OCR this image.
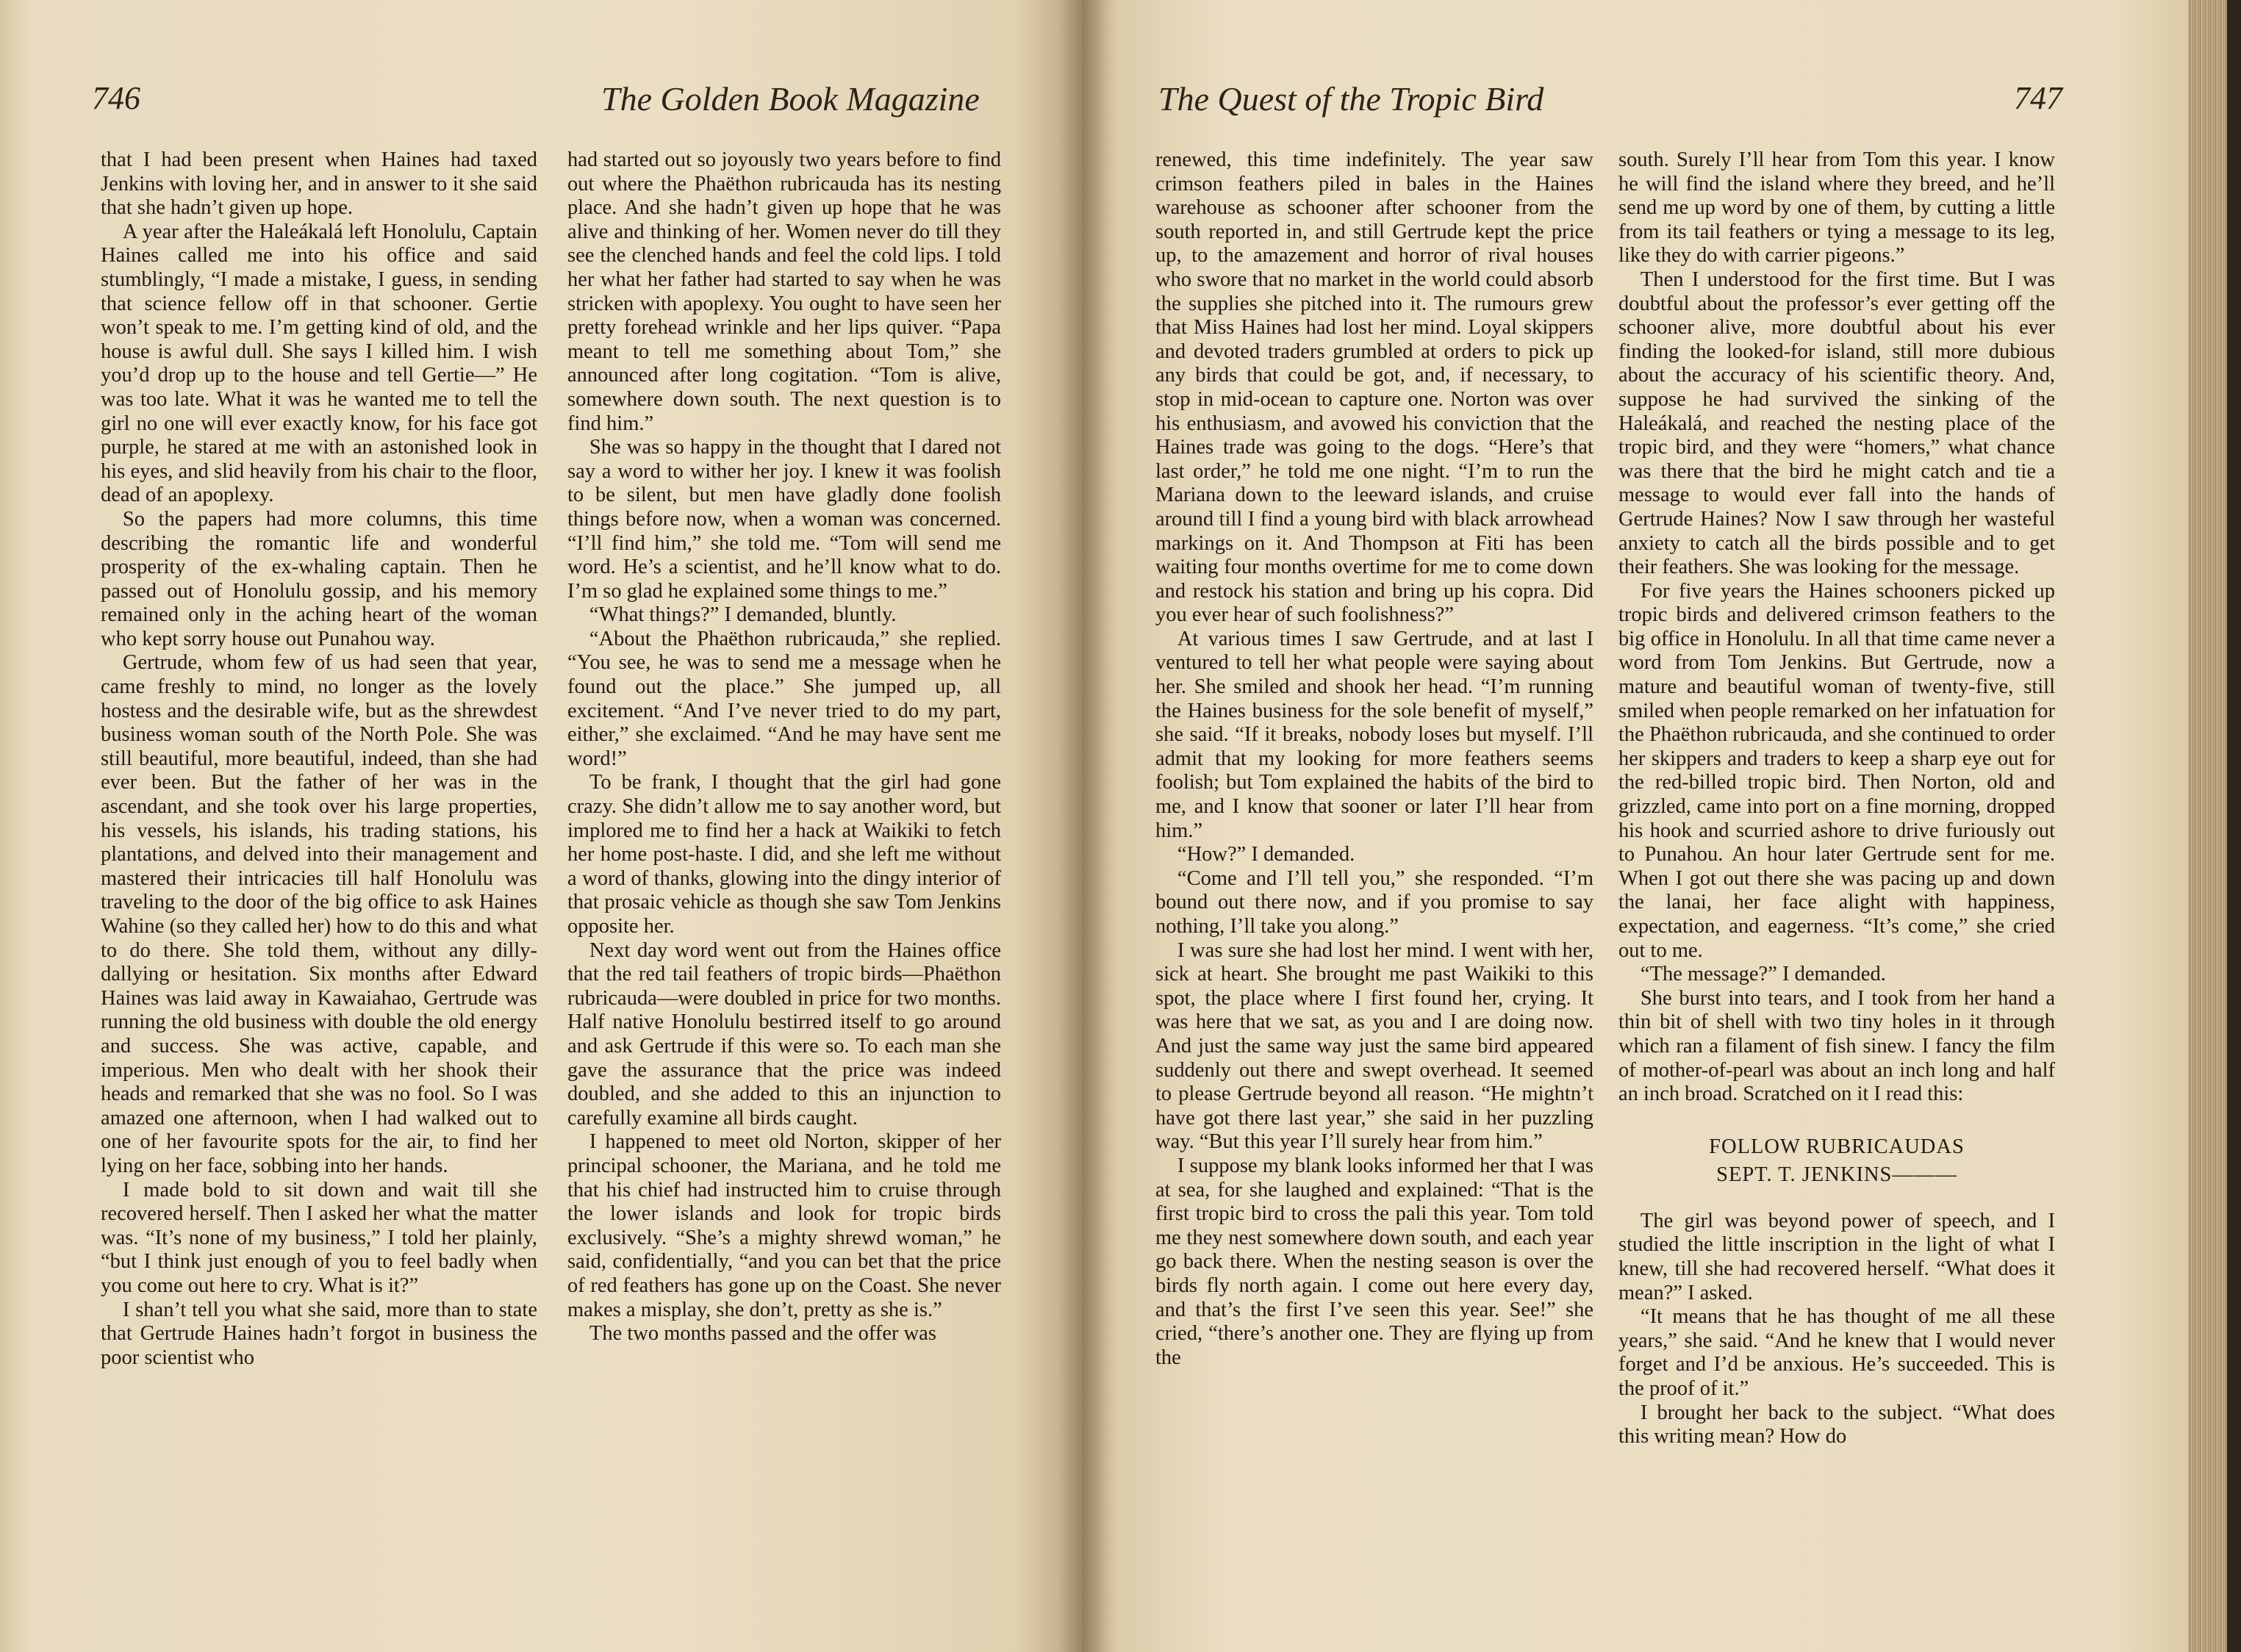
746	The Golden Book Magazine

that I had been present when Haines had taxed Jenkins with loving her, and in answer to it she said that she hadn’t given up hope.

A year after the Haleákalá left Honolulu, Captain Haines called me into his office and said stumblingly, “I made a mistake, I guess, in sending that science fellow off in that schooner. Gertie won’t speak to me. I’m getting kind of old, and the house is awful dull. She says I killed him. I wish you’d drop up to the house and tell Gertie—” He was too late. What it was he wanted me to tell the girl no one will ever exactly know, for his face got purple, he stared at me with an astonished look in his eyes, and slid heavily from his chair to the floor, dead of an apoplexy.

So the papers had more columns, this time describing the romantic life and wonderful prosperity of the ex-whaling captain. Then he passed out of Honolulu gossip, and his memory remained only in the aching heart of the woman who kept sorry house out Punahou way.

Gertrude, whom few of us had seen that year, came freshly to mind, no longer as the lovely hostess and the desirable wife, but as the shrewdest business woman south of the North Pole. She was still beautiful, more beautiful, indeed, than she had ever been. But the father of her was in the ascendant, and she took over his large properties, his vessels, his islands, his trading stations, his plantations, and delved into their management and mastered their intricacies till half Honolulu was traveling to the door of the big office to ask Haines Wahine (so they called her) how to do this and what to do there. She told them, without any dilly-dallying or hesitation. Six months after Edward Haines was laid away in Kawaiahao, Gertrude was running the old business with double the old energy and success. She was active, capable, and imperious. Men who dealt with her shook their heads and remarked that she was no fool. So I was amazed one afternoon, when I had walked out to one of her favourite spots for the air, to find her lying on her face, sobbing into her hands.

I made bold to sit down and wait till she recovered herself. Then I asked her what the matter was. “It’s none of my business,” I told her plainly, “but I think just enough of you to feel badly when you come out here to cry. What is it?”

I shan’t tell you what she said, more than to state that Gertrude Haines hadn’t forgot in business the poor scientist who

had started out so joyously two years before to find out where the Phaëthon rubricauda has its nesting place. And she hadn’t given up hope that he was alive and thinking of her. Women never do till they see the clenched hands and feel the cold lips. I told her what her father had started to say when he was stricken with apoplexy. You ought to have seen her pretty forehead wrinkle and her lips quiver. “Papa meant to tell me something about Tom,” she announced after long cogitation. “Tom is alive, somewhere down south. The next question is to find him.”

She was so happy in the thought that I dared not say a word to wither her joy. I knew it was foolish to be silent, but men have gladly done foolish things before now, when a woman was concerned. “I’ll find him,” she told me. “Tom will send me word. He’s a scientist, and he’ll know what to do. I’m so glad he explained some things to me.”

“What things?” I demanded, bluntly.

“About the Phaëthon rubricauda,” she replied. “You see, he was to send me a message when he found out the place.” She jumped up, all excitement. “And I’ve never tried to do my part, either,” she exclaimed. “And he may have sent me word!”

To be frank, I thought that the girl had gone crazy. She didn’t allow me to say another word, but implored me to find her a hack at Waikiki to fetch her home post-haste. I did, and she left me without a word of thanks, glowing into the dingy interior of that prosaic vehicle as though she saw Tom Jenkins opposite her.

Next day word went out from the Haines office that the red tail feathers of tropic birds—Phaëthon rubricauda—were doubled in price for two months. Half native Honolulu bestirred itself to go around and ask Gertrude if this were so. To each man she gave the assurance that the price was indeed doubled, and she added to this an injunction to carefully examine all birds caught.

I happened to meet old Norton, skipper of her principal schooner, the Mariana, and he told me that his chief had instructed him to cruise through the lower islands and look for tropic birds exclusively. “She’s a mighty shrewd woman,” he said, confidentially, “and you can bet that the price of red feathers has gone up on the Coast. She never makes a misplay, she don’t, pretty as she is.”

The two months passed and the offer was

The Quest of the Tropic Bird	747

renewed, this time indefinitely. The year saw crimson feathers piled in bales in the Haines warehouse as schooner after schooner from the south reported in, and still Gertrude kept the price up, to the amazement and horror of rival houses who swore that no market in the world could absorb the supplies she pitched into it. The rumours grew that Miss Haines had lost her mind. Loyal skippers and devoted traders grumbled at orders to pick up any birds that could be got, and, if necessary, to stop in mid-ocean to capture one. Norton was over his enthusiasm, and avowed his conviction that the Haines trade was going to the dogs. “Here’s that last order,” he told me one night. “I’m to run the Mariana down to the leeward islands, and cruise around till I find a young bird with black arrowhead markings on it. And Thompson at Fiti has been waiting four months overtime for me to come down and restock his station and bring up his copra. Did you ever hear of such foolishness?”

At various times I saw Gertrude, and at last I ventured to tell her what people were saying about her. She smiled and shook her head. “I’m running the Haines business for the sole benefit of myself,” she said. “If it breaks, nobody loses but myself. I’ll admit that my looking for more feathers seems foolish; but Tom explained the habits of the bird to me, and I know that sooner or later I’ll hear from him.”

“How?” I demanded.

“Come and I’ll tell you,” she responded. “I’m bound out there now, and if you promise to say nothing, I’ll take you along.”

I was sure she had lost her mind. I went with her, sick at heart. She brought me past Waikiki to this spot, the place where I first found her, crying. It was here that we sat, as you and I are doing now. And just the same way just the same bird appeared suddenly out there and swept overhead. It seemed to please Gertrude beyond all reason. “He mightn’t have got there last year,” she said in her puzzling way. “But this year I’ll surely hear from him.”

I suppose my blank looks informed her that I was at sea, for she laughed and explained: “That is the first tropic bird to cross the pali this year. Tom told me they nest somewhere down south, and each year go back there. When the nesting season is over the birds fly north again. I come out here every day, and that’s the first I’ve seen this year. See!” she cried, “there’s another one. They are flying up from the

south. Surely I’ll hear from Tom this year. I know he will find the island where they breed, and he’ll send me up word by one of them, by cutting a little from its tail feathers or tying a message to its leg, like they do with carrier pigeons.”

Then I understood for the first time. But I was doubtful about the professor’s ever getting off the schooner alive, more doubtful about his ever finding the looked-for island, still more dubious about the accuracy of his scientific theory. And, suppose he had survived the sinking of the Haleákalá, and reached the nesting place of the tropic bird, and they were “homers,” what chance was there that the bird he might catch and tie a message to would ever fall into the hands of Gertrude Haines? Now I saw through her wasteful anxiety to catch all the birds possible and to get their feathers. She was looking for the message.

For five years the Haines schooners picked up tropic birds and delivered crimson feathers to the big office in Honolulu. In all that time came never a word from Tom Jenkins. But Gertrude, now a mature and beautiful woman of twenty-five, still smiled when people remarked on her infatuation for the Phaëthon rubricauda, and she continued to order her skippers and traders to keep a sharp eye out for the red-billed tropic bird. Then Norton, old and grizzled, came into port on a fine morning, dropped his hook and scurried ashore to drive furiously out to Punahou. An hour later Gertrude sent for me. When I got out there she was pacing up and down the lanai, her face alight with happiness, expectation, and eagerness. “It’s come,” she cried out to me.

“The message?” I demanded.

She burst into tears, and I took from her hand a thin bit of shell with two tiny holes in it through which ran a filament of fish sinew. I fancy the film of mother-of-pearl was about an inch long and half an inch broad. Scratched on it I read this:

FOLLOW RUBRICAUDAS
SEPT. T. JENKINS———

The girl was beyond power of speech, and I studied the little inscription in the light of what I knew, till she had recovered herself. “What does it mean?” I asked.

“It means that he has thought of me all these years,” she said. “And he knew that I would never forget and I’d be anxious. He’s succeeded. This is the proof of it.”

I brought her back to the subject. “What does this writing mean? How do
